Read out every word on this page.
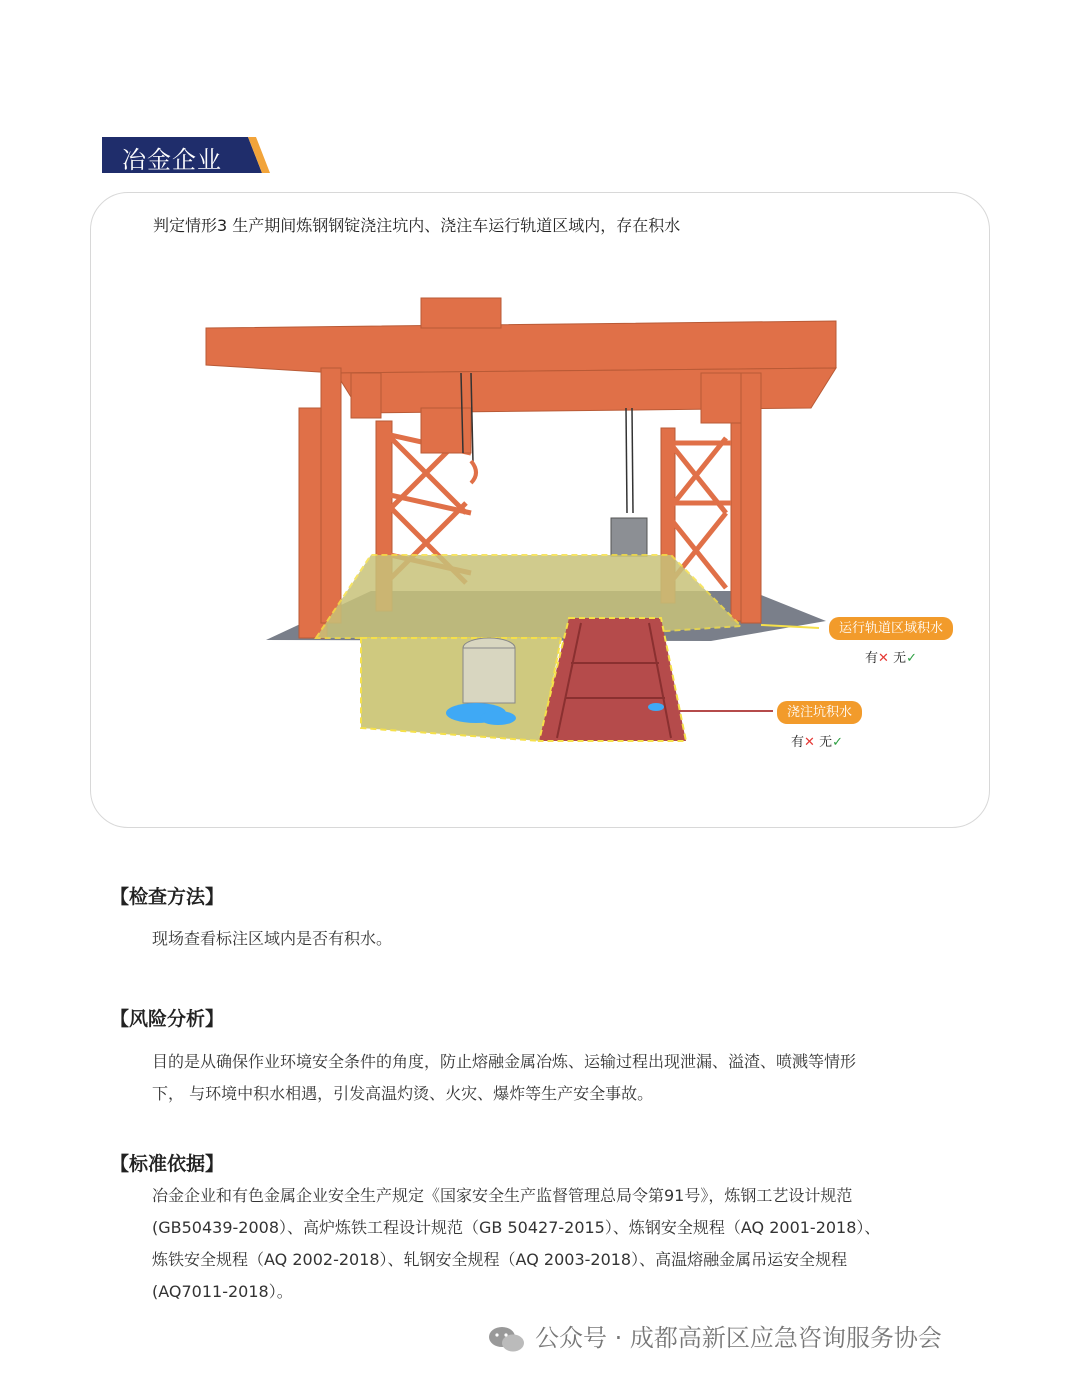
冶金企业
判定情形3 生产期间炼钢钢锭浇注坑内、浇注车运行轨道区域内，存在积水
运行轨道区域积水
有✕ 无✓
浇注坑积水
有✕ 无✓
【检查方法】
现场查看标注区域内是否有积水。
【风险分析】
目的是从确保作业环境安全条件的角度，防止熔融金属冶炼、运输过程出现泄漏、溢渣、喷溅等情形
下， 与环境中积水相遇，引发高温灼烫、火灾、爆炸等生产安全事故。
【标准依据】
冶金企业和有色金属企业安全生产规定《国家安全生产监督管理总局令第91号》，炼钢工艺设计规范
(GB50439-2008）、高炉炼铁工程设计规范（GB 50427-2015）、炼钢安全规程（AQ 2001-2018）、
炼铁安全规程（AQ 2002-2018）、轧钢安全规程（AQ 2003-2018）、高温熔融金属吊运安全规程
(AQ7011-2018）。
公众号 · 成都高新区应急咨询服务协会
